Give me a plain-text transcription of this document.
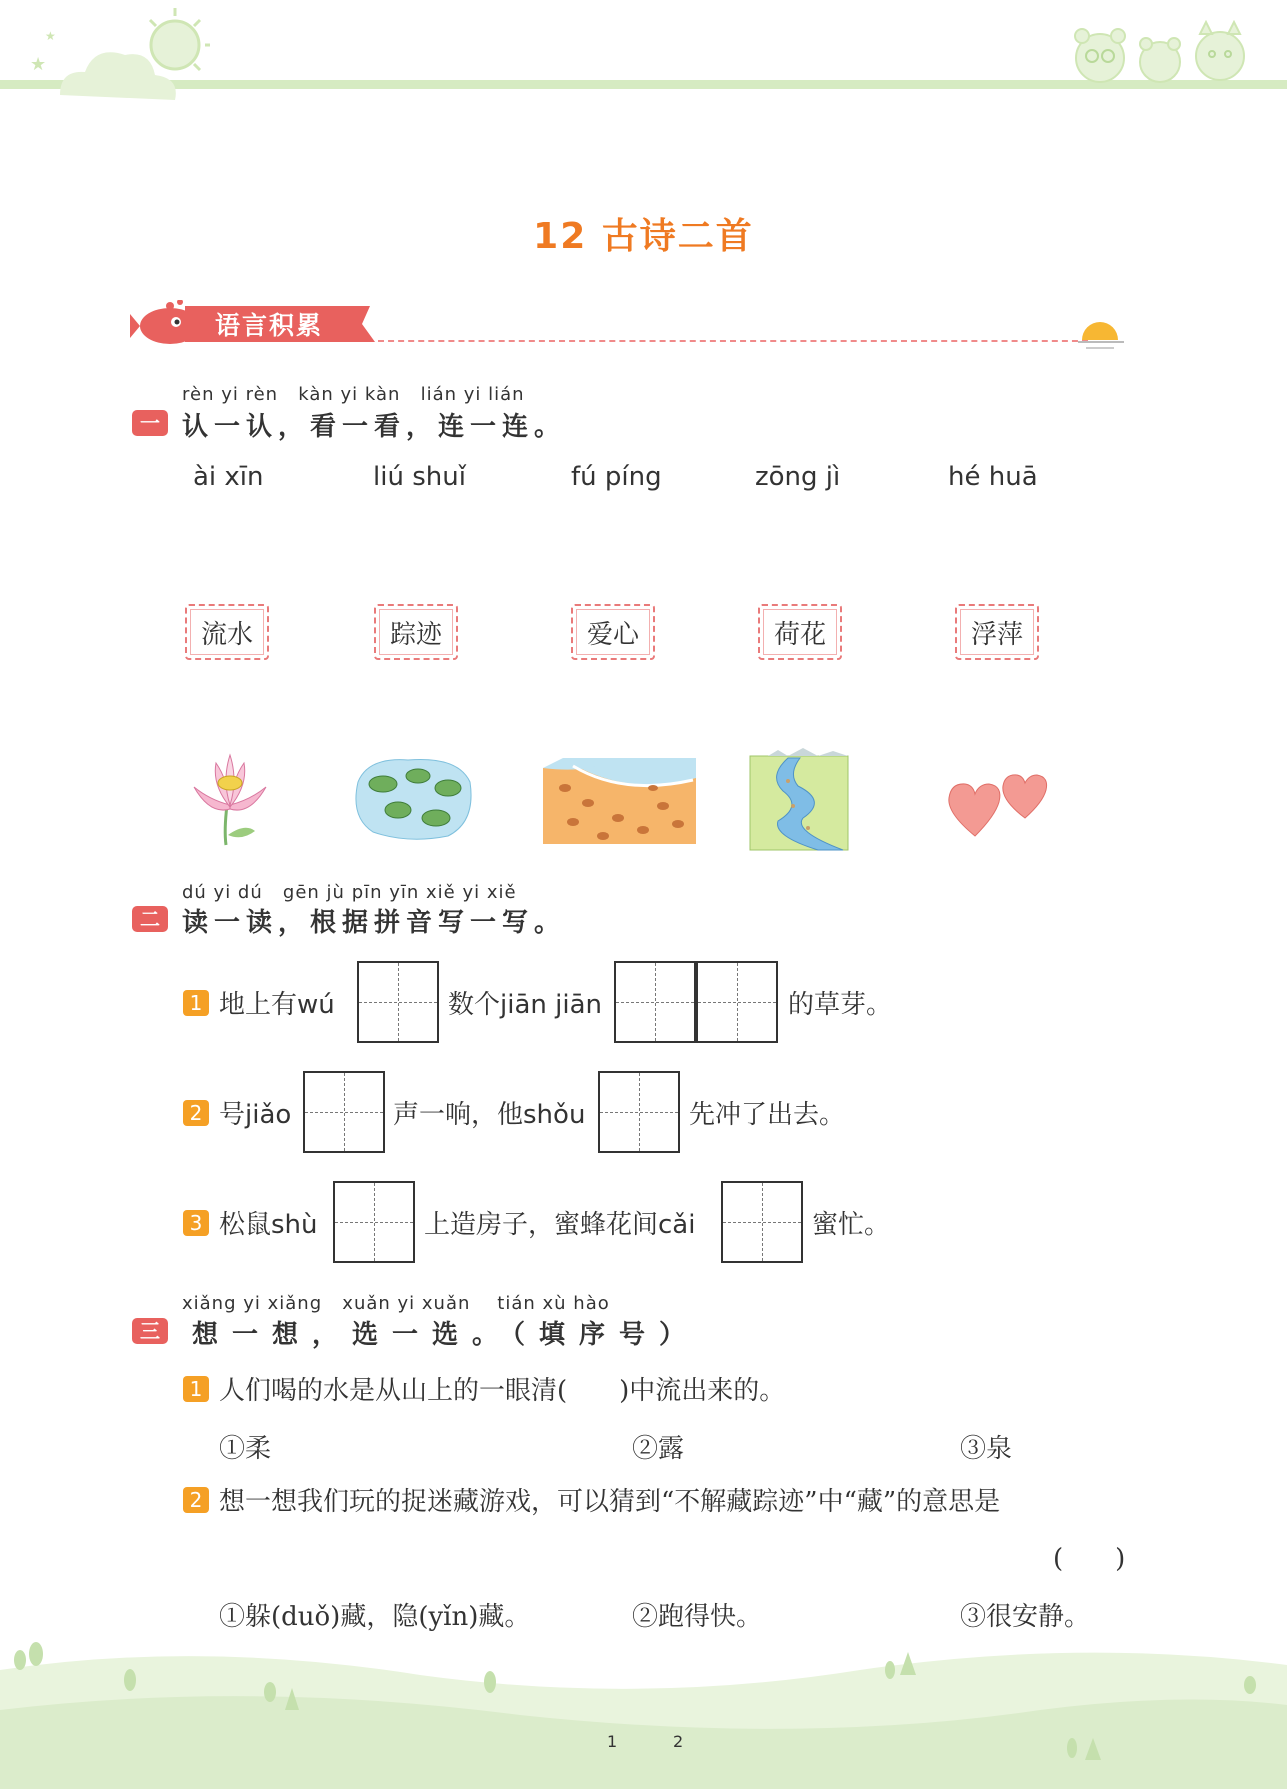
★
★
12 古诗二首
语言积累
rèn yi rèn   kàn yi kàn   lián yi lián
一 认一认，看一看，连一连。
ài xīn	liú shuǐ	fú píng	zōng jì	hé huā
流水	踪迹	爱心	荷花	浮萍
dú yi dú   gēn jù pīn yīn xiě yi xiě
二 读一读，根据拼音写一写。
1 地上有wú	数个jiān jiān	的草芽。
2 号jiǎo	声一响，他shǒu	先冲了出去。
3 松鼠shù	上造房子，蜜蜂花间cǎi	蜜忙。
xiǎng yi xiǎng   xuǎn yi xuǎn    tián xù hào
三	想一想，选一选。（填序号）
1 人们喝的水是从山上的一眼清(　　)中流出来的。
①柔	②露	③泉
2 想一想我们玩的捉迷藏游戏，可以猜到“不解藏踪迹”中“藏”的意思是
(　　)
①躲(duǒ)藏，隐(yǐn)藏。	②跑得快。	③很安静。
1	2
